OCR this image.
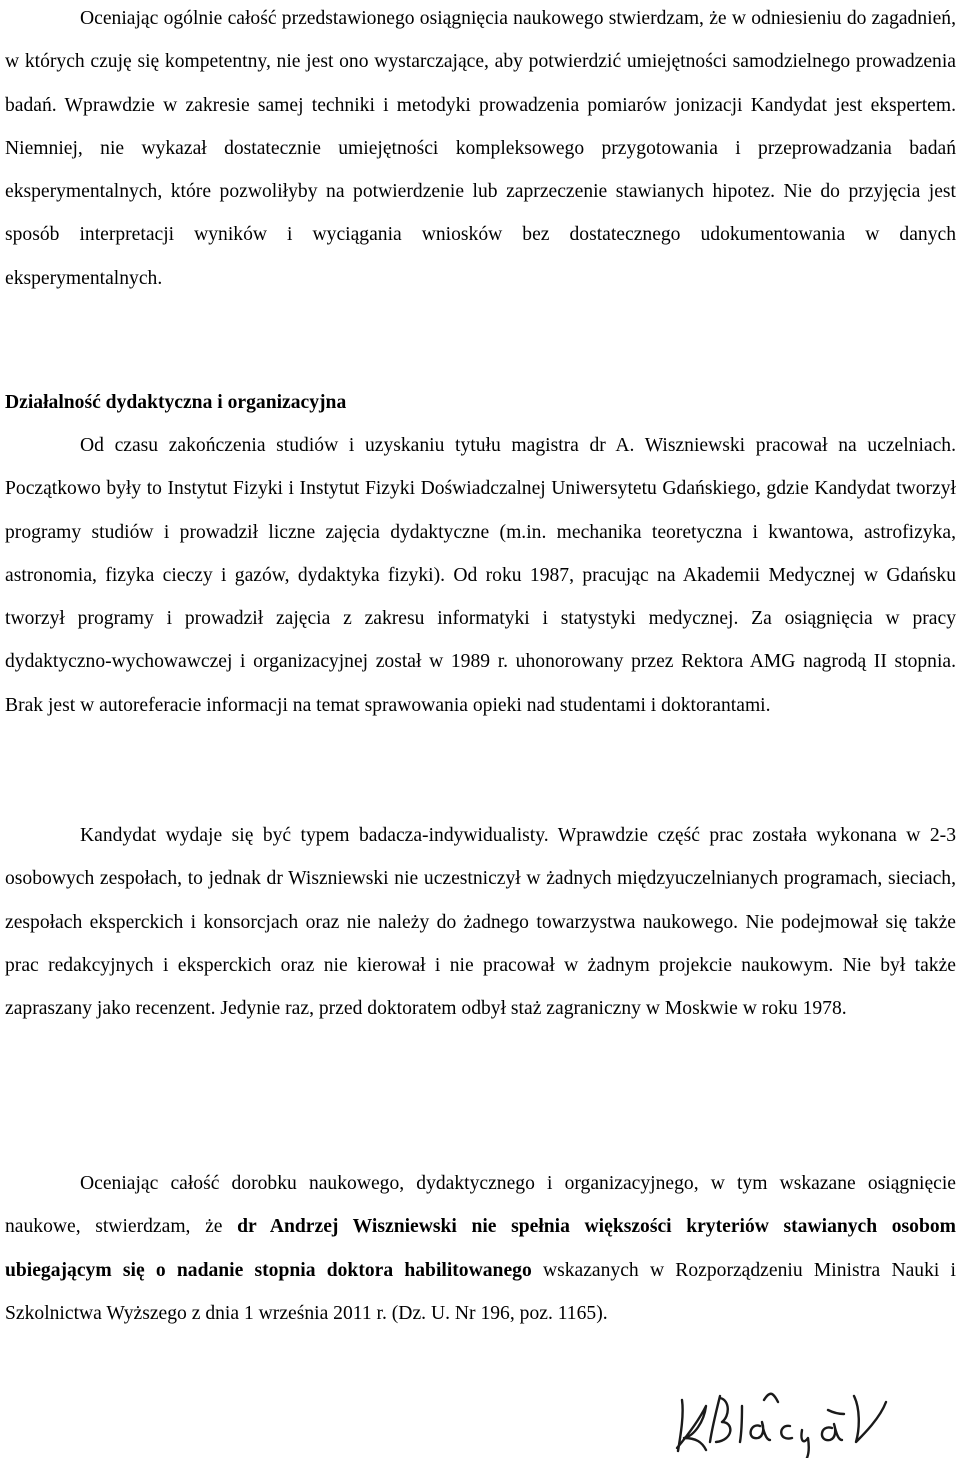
Oceniając ogólnie całość przedstawionego osiągnięcia naukowego stwierdzam, że w odniesieniu do zagadnień, w których czuję się kompetentny, nie jest ono wystarczające, aby potwierdzić umiejętności samodzielnego prowadzenia badań. Wprawdzie w zakresie samej techniki i metodyki prowadzenia pomiarów jonizacji Kandydat jest ekspertem. Niemniej, nie wykazał dostatecznie umiejętności kompleksowego przygotowania i przeprowadzania badań eksperymentalnych, które pozwoliłyby na potwierdzenie lub zaprzeczenie stawianych hipotez. Nie do przyjęcia jest sposób interpretacji wyników i wyciągania wniosków bez dostatecznego udokumentowania w danych eksperymentalnych.

Działalność dydaktyczna i organizacyjna

Od czasu zakończenia studiów i uzyskaniu tytułu magistra dr A. Wiszniewski pracował na uczelniach. Początkowo były to Instytut Fizyki i Instytut Fizyki Doświadczalnej Uniwersytetu Gdańskiego, gdzie Kandydat tworzył programy studiów i prowadził liczne zajęcia dydaktyczne (m.in. mechanika teoretyczna i kwantowa, astrofizyka, astronomia, fizyka cieczy i gazów, dydaktyka fizyki). Od roku 1987, pracując na Akademii Medycznej w Gdańsku tworzył programy i prowadził zajęcia z zakresu informatyki i statystyki medycznej. Za osiągnięcia w pracy dydaktyczno-wychowawczej i organizacyjnej został w 1989 r. uhonorowany przez Rektora AMG nagrodą II stopnia. Brak jest w autoreferacie informacji na temat sprawowania opieki nad studentami i doktorantami.

Kandydat wydaje się być typem badacza-indywidualisty. Wprawdzie część prac została wykonana w 2-3 osobowych zespołach, to jednak dr Wiszniewski nie uczestniczył w żadnych międzyuczelnianych programach, sieciach, zespołach eksperckich i konsorcjach oraz nie należy do żadnego towarzystwa naukowego. Nie podejmował się także prac redakcyjnych i eksperckich oraz nie kierował i nie pracował w żadnym projekcie naukowym. Nie był także zapraszany jako recenzent. Jedynie raz, przed doktoratem odbył staż zagraniczny w Moskwie w roku 1978.

Oceniając całość dorobku naukowego, dydaktycznego i organizacyjnego, w tym wskazane osiągnięcie naukowe, stwierdzam, że dr Andrzej Wiszniewski nie spełnia większości kryteriów stawianych osobom ubiegającym się o nadanie stopnia doktora habilitowanego wskazanych w Rozporządzeniu Ministra Nauki i Szkolnictwa Wyższego z dnia 1 września 2011 r. (Dz. U. Nr 196, poz. 1165).
